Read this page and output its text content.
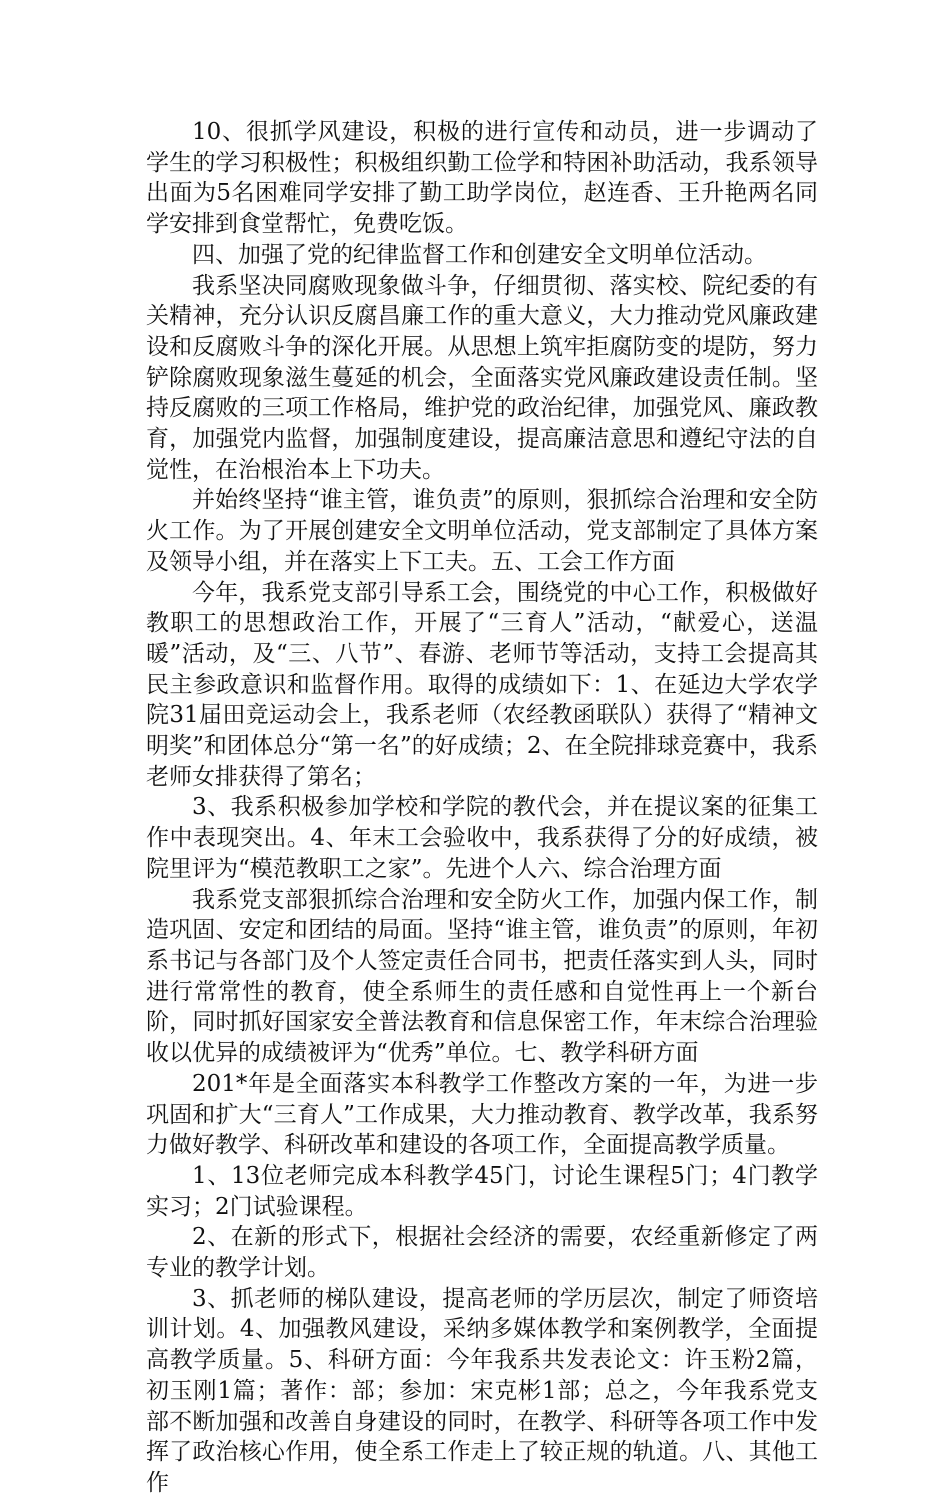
10、很抓学风建设，积极的进行宣传和动员，进一步调动了学生的学习积极性；积极组织勤工俭学和特困补助活动，我系领导出面为5名困难同学安排了勤工助学岗位，赵连香、王升艳两名同学安排到食堂帮忙，免费吃饭。

四、加强了党的纪律监督工作和创建安全文明单位活动。

我系坚决同腐败现象做斗争，仔细贯彻、落实校、院纪委的有关精神，充分认识反腐昌廉工作的重大意义，大力推动党风廉政建设和反腐败斗争的深化开展。从思想上筑牢拒腐防变的堤防，努力铲除腐败现象滋生蔓延的机会，全面落实党风廉政建设责任制。坚持反腐败的三项工作格局，维护党的政治纪律，加强党风、廉政教育，加强党内监督，加强制度建设，提高廉洁意思和遵纪守法的自觉性，在治根治本上下功夫。

并始终坚持“谁主管，谁负责”的原则，狠抓综合治理和安全防火工作。为了开展创建安全文明单位活动，党支部制定了具体方案及领导小组，并在落实上下工夫。五、工会工作方面

今年，我系党支部引导系工会，围绕党的中心工作，积极做好教职工的思想政治工作，开展了“三育人”活动，“献爱心，送温暖”活动，及“三、八节”、春游、老师节等活动，支持工会提高其民主参政意识和监督作用。取得的成绩如下：1、在延边大学农学院31届田竞运动会上，我系老师（农经教函联队）获得了“精神文明奖”和团体总分“第一名”的好成绩；2、在全院排球竞赛中，我系老师女排获得了第名；

3、我系积极参加学校和学院的教代会，并在提议案的征集工作中表现突出。4、年末工会验收中，我系获得了分的好成绩，被院里评为“模范教职工之家”。先进个人六、综合治理方面

我系党支部狠抓综合治理和安全防火工作，加强内保工作，制造巩固、安定和团结的局面。坚持“谁主管，谁负责”的原则，年初系书记与各部门及个人签定责任合同书，把责任落实到人头，同时进行常常性的教育，使全系师生的责任感和自觉性再上一个新台阶，同时抓好国家安全普法教育和信息保密工作，年末综合治理验收以优异的成绩被评为“优秀”单位。七、教学科研方面

201*年是全面落实本科教学工作整改方案的一年，为进一步巩固和扩大“三育人”工作成果，大力推动教育、教学改革，我系努力做好教学、科研改革和建设的各项工作，全面提高教学质量。

1、13位老师完成本科教学45门，讨论生课程5门；4门教学实习；2门试验课程。

2、在新的形式下，根据社会经济的需要，农经重新修定了两专业的教学计划。

3、抓老师的梯队建设，提高老师的学历层次，制定了师资培训计划。4、加强教风建设，采纳多媒体教学和案例教学，全面提高教学质量。5、科研方面：今年我系共发表论文：许玉粉2篇，初玉刚1篇；著作：部；参加：宋克彬1部；总之，今年我系党支部不断加强和改善自身建设的同时，在教学、科研等各项工作中发挥了政治核心作用，使全系工作走上了较正规的轨道。八、其他工作
